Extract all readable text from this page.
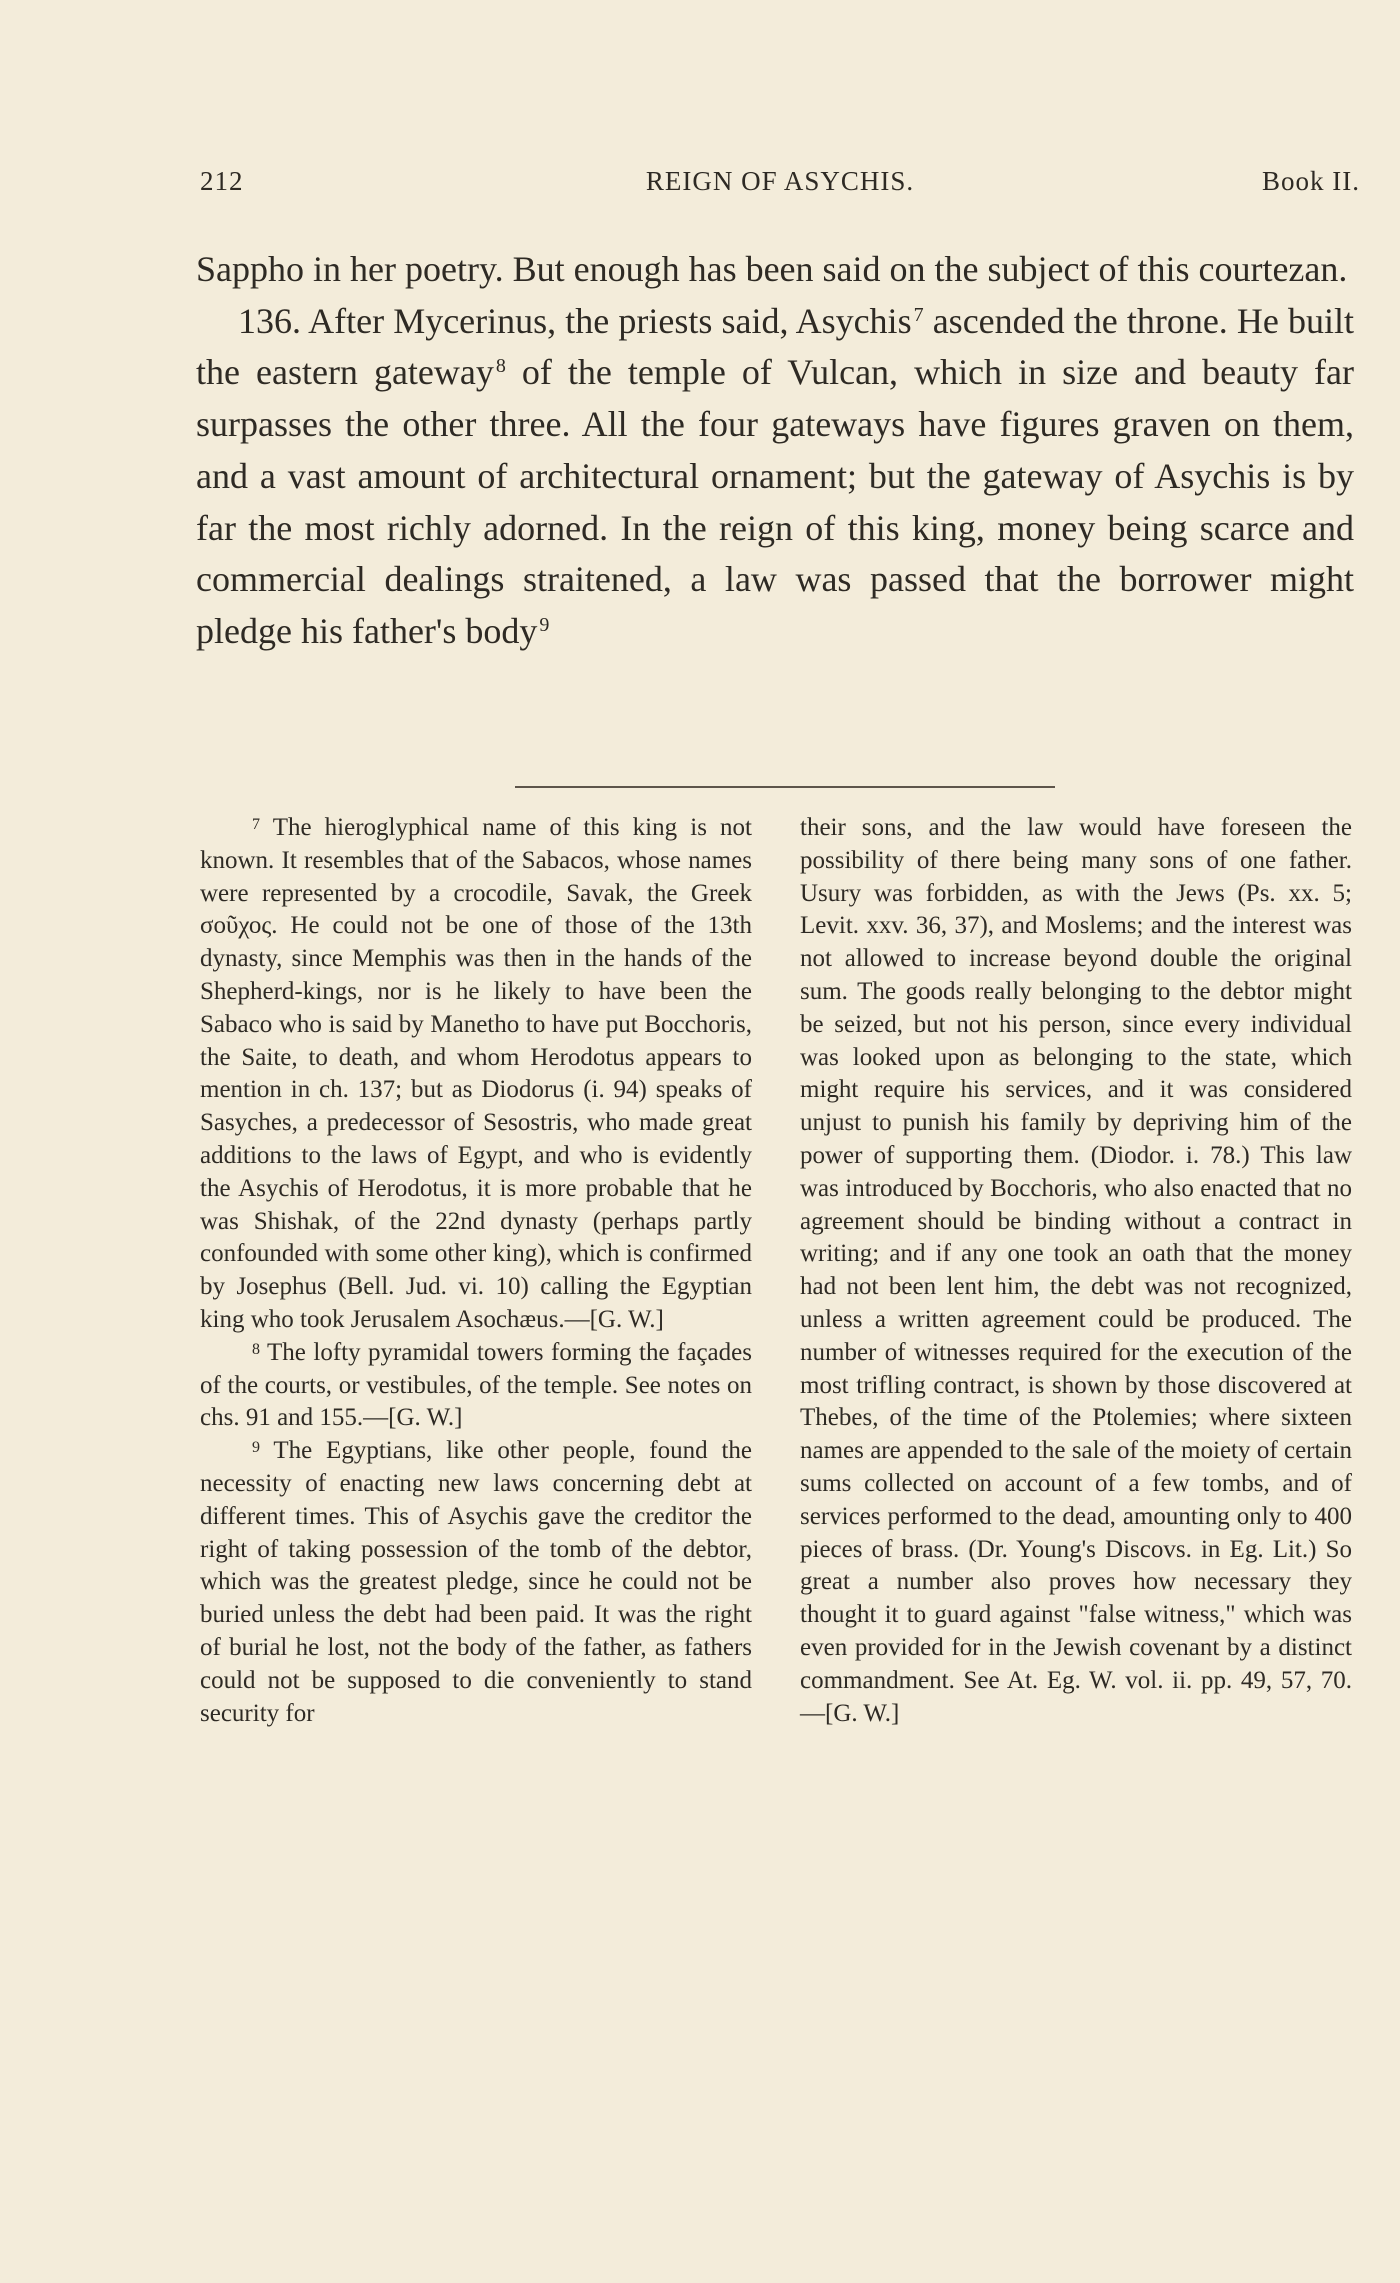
212	REIGN OF ASYCHIS.	Book II.

Sappho in her poetry. But enough has been said on the subject of this courtezan.

136. After Mycerinus, the priests said, Asychis $^7$ ascended the throne. He built the eastern gateway $^8$ of the temple of Vulcan, which in size and beauty far surpasses the other three. All the four gateways have figures graven on them, and a vast amount of architectural ornament; but the gateway of Asychis is by far the most richly adorned. In the reign of this king, money being scarce and commercial dealings straitened, a law was passed that the borrower might pledge his father's body $^9$

$^7$ The hieroglyphical name of this king is not known. It resembles that of the Sabacos, whose names were represented by a crocodile, Savak, the Greek σοῦχος. He could not be one of those of the 13th dynasty, since Memphis was then in the hands of the Shepherd-kings, nor is he likely to have been the Sabaco who is said by Manetho to have put Bocchoris, the Saite, to death, and whom Herodotus appears to mention in ch. 137; but as Diodorus (i. 94) speaks of Sasyches, a predecessor of Sesostris, who made great additions to the laws of Egypt, and who is evidently the Asychis of Herodotus, it is more probable that he was Shishak, of the 22nd dynasty (perhaps partly confounded with some other king), which is confirmed by Josephus (Bell. Jud. vi. 10) calling the Egyptian king who took Jerusalem Asochæus.—[G. W.]

$^8$ The lofty pyramidal towers forming the façades of the courts, or vestibules, of the temple. See notes on chs. 91 and 155.—[G. W.]

$^9$ The Egyptians, like other people, found the necessity of enacting new laws concerning debt at different times. This of Asychis gave the creditor the right of taking possession of the tomb of the debtor, which was the greatest pledge, since he could not be buried unless the debt had been paid. It was the right of burial he lost, not the body of the father, as fathers could not be supposed to die conveniently to stand security for

their sons, and the law would have foreseen the possibility of there being many sons of one father. Usury was forbidden, as with the Jews (Ps. xx. 5; Levit. xxv. 36, 37), and Moslems; and the interest was not allowed to increase beyond double the original sum. The goods really belonging to the debtor might be seized, but not his person, since every individual was looked upon as belonging to the state, which might require his services, and it was considered unjust to punish his family by depriving him of the power of supporting them. (Diodor. i. 78.) This law was introduced by Bocchoris, who also enacted that no agreement should be binding without a contract in writing; and if any one took an oath that the money had not been lent him, the debt was not recognized, unless a written agreement could be produced. The number of witnesses required for the execution of the most trifling contract, is shown by those discovered at Thebes, of the time of the Ptolemies; where sixteen names are appended to the sale of the moiety of certain sums collected on account of a few tombs, and of services performed to the dead, amounting only to 400 pieces of brass. (Dr. Young's Discovs. in Eg. Lit.) So great a number also proves how necessary they thought it to guard against "false witness," which was even provided for in the Jewish covenant by a distinct commandment. See At. Eg. W. vol. ii. pp. 49, 57, 70.—[G. W.]
